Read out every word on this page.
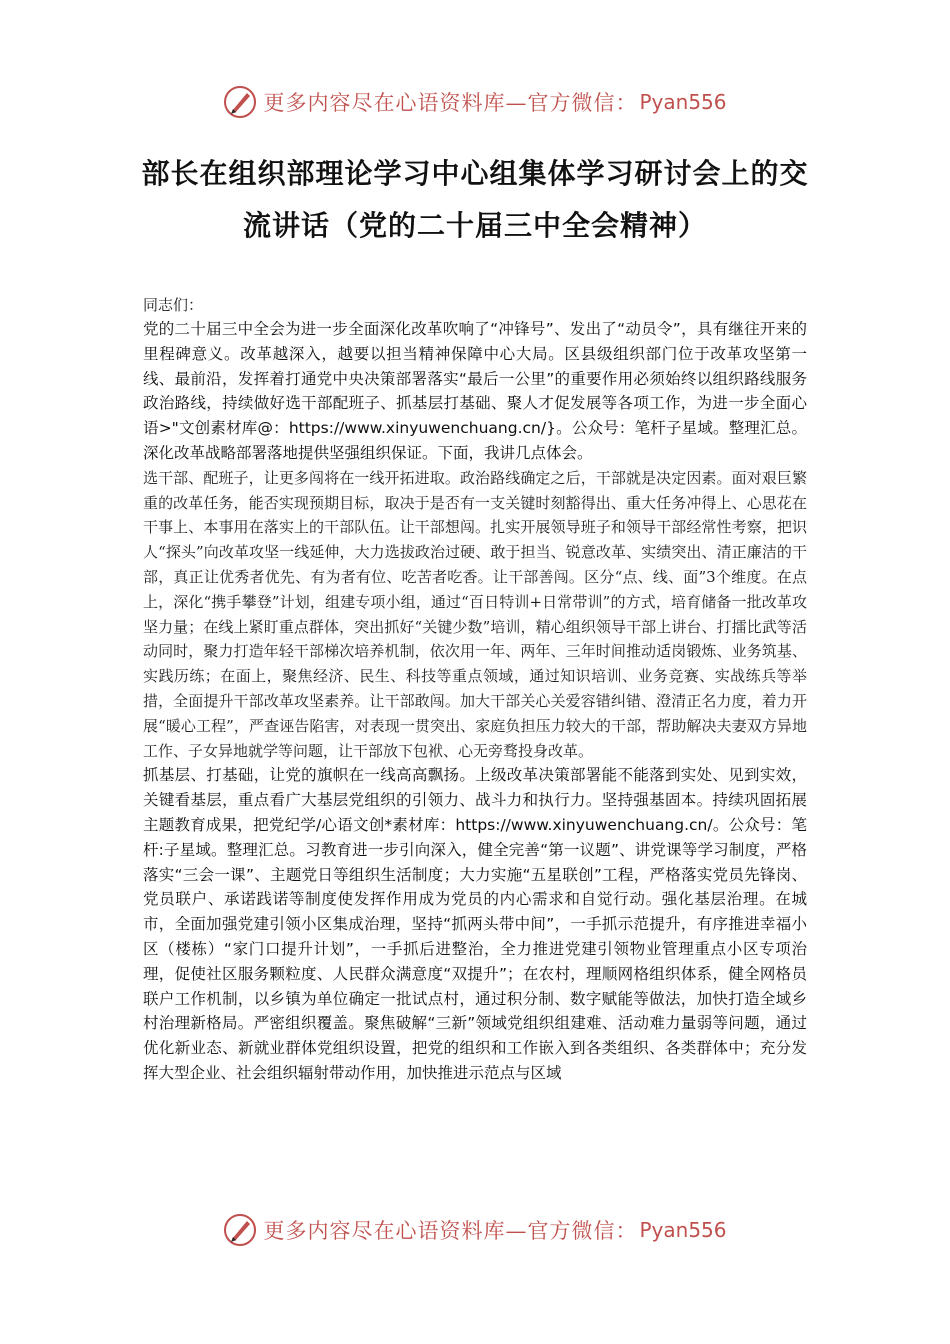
更多内容尽在心语资料库—官方微信： Pyan556
部长在组织部理论学习中心组集体学习研讨会上的交流讲话（党的二十届三中全会精神）

同志们：

党的二十届三中全会为进一步全面深化改革吹响了“冲锋号”、发出了“动员令”，具有继往开来的里程碑意义。改革越深入，越要以担当精神保障中心大局。区县级组织部门位于改革攻坚第一线、最前沿，发挥着打通党中央决策部署落实“最后一公里”的重要作用必须始终以组织路线服务政治路线，持续做好选干部配班子、抓基层打基础、聚人才促发展等各项工作，为进一步全面心语>"文创素材库@：https://www.xinyuwenchuang.cn/}。公众号：笔杆子星域。整理汇总。深化改革战略部署落地提供坚强组织保证。下面，我讲几点体会。

选干部、配班子，让更多闯将在一线开拓进取。政治路线确定之后，干部就是决定因素。面对艰巨繁重的改革任务，能否实现预期目标，取决于是否有一支关键时刻豁得出、重大任务冲得上、心思花在干事上、本事用在落实上的干部队伍。让干部想闯。扎实开展领导班子和领导干部经常性考察，把识人“探头”向改革攻坚一线延伸，大力选拔政治过硬、敢于担当、锐意改革、实绩突出、清正廉洁的干部，真正让优秀者优先、有为者有位、吃苦者吃香。让干部善闯。区分“点、线、面”3个维度。在点上，深化“携手攀登”计划，组建专项小组，通过“百日特训+日常带训”的方式，培育储备一批改革攻坚力量；在线上紧盯重点群体，突出抓好“关键少数”培训，精心组织领导干部上讲台、打擂比武等活动同时，聚力打造年轻干部梯次培养机制，依次用一年、两年、三年时间推动适岗锻炼、业务筑基、实践历练；在面上，聚焦经济、民生、科技等重点领域，通过知识培训、业务竞赛、实战练兵等举措，全面提升干部改革攻坚素养。让干部敢闯。加大干部关心关爱容错纠错、澄清正名力度，着力开展“暖心工程”，严查诬告陷害，对表现一贯突出、家庭负担压力较大的干部，帮助解决夫妻双方异地工作、子女异地就学等问题，让干部放下包袱、心无旁骛投身改革。

抓基层、打基础，让党的旗帜在一线高高飘扬。上级改革决策部署能不能落到实处、见到实效，关键看基层，重点看广大基层党组织的引领力、战斗力和执行力。坚持强基固本。持续巩固拓展主题教育成果，把党纪学/心语文创*素材库：https://www.xinyuwenchuang.cn/。公众号：笔杆:子星域。整理汇总。习教育进一步引向深入，健全完善“第一议题”、讲党课等学习制度，严格落实“三会一课”、主题党日等组织生活制度；大力实施“五星联创”工程，严格落实党员先锋岗、党员联户、承诺践诺等制度使发挥作用成为党员的内心需求和自觉行动。强化基层治理。在城市，全面加强党建引领小区集成治理，坚持“抓两头带中间”，一手抓示范提升，有序推进幸福小区（楼栋）“家门口提升计划”，一手抓后进整治，全力推进党建引领物业管理重点小区专项治理，促使社区服务颗粒度、人民群众满意度“双提升”；在农村，理顺网格组织体系，健全网格员联户工作机制，以乡镇为单位确定一批试点村，通过积分制、数字赋能等做法，加快打造全域乡村治理新格局。严密组织覆盖。聚焦破解“三新”领域党组织组建难、活动难力量弱等问题，通过优化新业态、新就业群体党组织设置，把党的组织和工作嵌入到各类组织、各类群体中；充分发挥大型企业、社会组织辐射带动作用，加快推进示范点与区域

更多内容尽在心语资料库—官方微信： Pyan556
